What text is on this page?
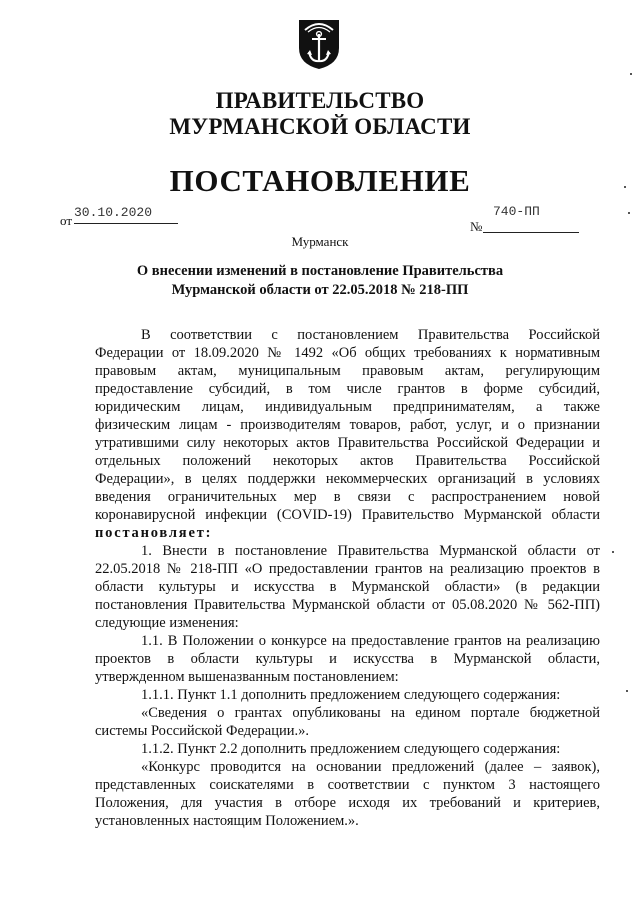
ПРАВИТЕЛЬСТВО
МУРМАНСКОЙ ОБЛАСТИ
ПОСТАНОВЛЕНИЕ
от
30.10.2020
№
740-ПП
Мурманск
О внесении изменений в постановление Правительства
Мурманской области от 22.05.2018 № 218-ПП
В соответствии с постановлением Правительства Российской
Федерации от 18.09.2020 № 1492 «Об общих требованиях к нормативным
правовым актам, муниципальным правовым актам, регулирующим
предоставление субсидий, в том числе грантов в форме субсидий,
юридическим лицам, индивидуальным предпринимателям, а также
физическим лицам - производителям товаров, работ, услуг, и о признании
утратившими силу некоторых актов Правительства Российской Федерации и
отдельных положений некоторых актов Правительства Российской
Федерации», в целях поддержки некоммерческих организаций в условиях
введения ограничительных мер в связи с распространением новой
коронавирусной инфекции (COVID-19) Правительство Мурманской области
постановляет:
1. Внести в постановление Правительства Мурманской области от
22.05.2018 № 218-ПП «О предоставлении грантов на реализацию проектов в
области культуры и искусства в Мурманской области» (в редакции
постановления Правительства Мурманской области от 05.08.2020 № 562-ПП)
следующие изменения:
1.1. В Положении о конкурсе на предоставление грантов на реализацию
проектов в области культуры и искусства в Мурманской области,
утвержденном вышеназванным постановлением:
1.1.1. Пункт 1.1 дополнить предложением следующего содержания:
«Сведения о грантах опубликованы на едином портале бюджетной
системы Российской Федерации.».
1.1.2. Пункт 2.2 дополнить предложением следующего содержания:
«Конкурс проводится на основании предложений (далее – заявок),
представленных соискателями в соответствии с пунктом 3 настоящего
Положения, для участия в отборе исходя их требований и критериев,
установленных настоящим Положением.».
